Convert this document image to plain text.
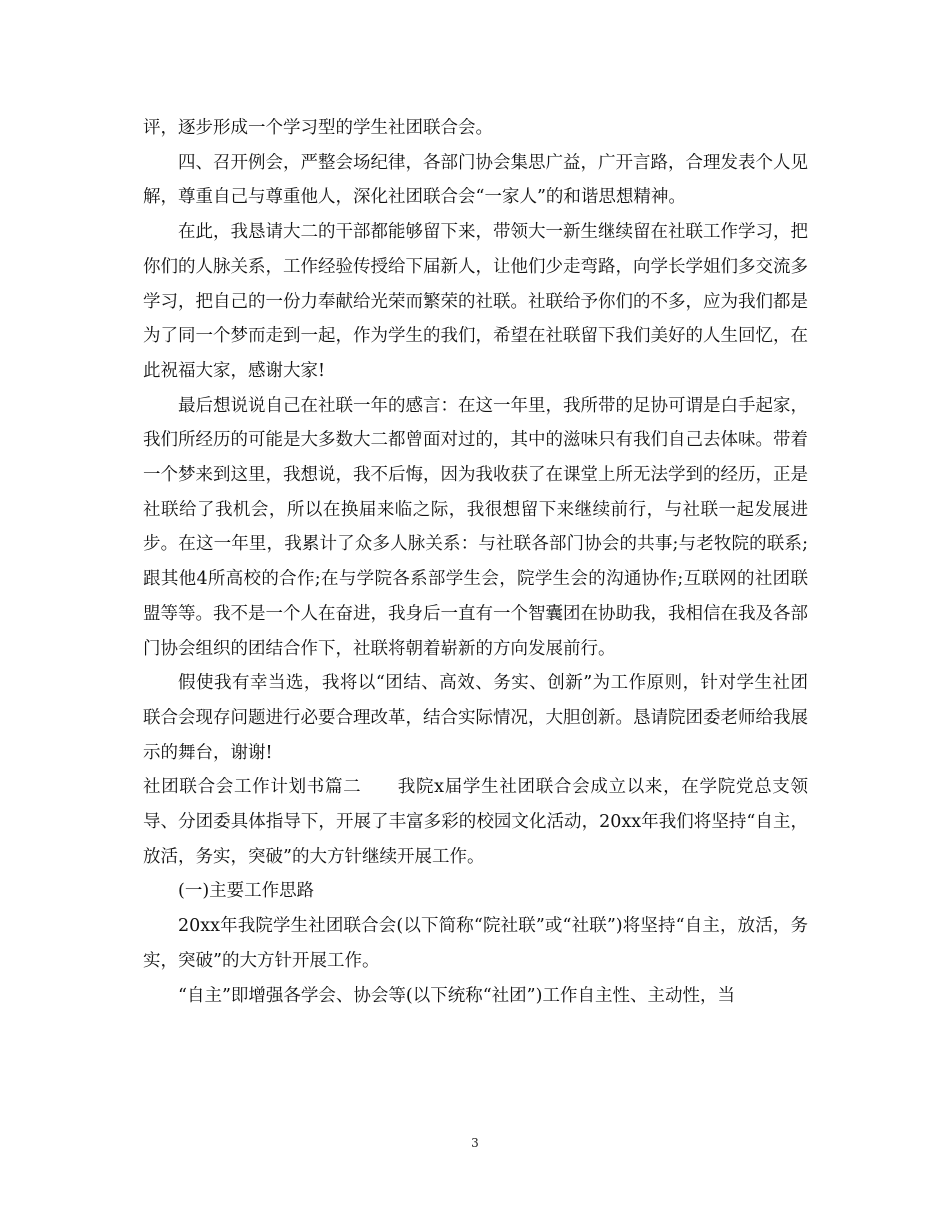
评，逐步形成一个学习型的学生社团联合会。

四、召开例会，严整会场纪律，各部门协会集思广益，广开言路，合理发表个人见解，尊重自己与尊重他人，深化社团联合会“一家人”的和谐思想精神。

在此，我恳请大二的干部都能够留下来，带领大一新生继续留在社联工作学习，把你们的人脉关系，工作经验传授给下届新人，让他们少走弯路，向学长学姐们多交流多学习，把自己的一份力奉献给光荣而繁荣的社联。社联给予你们的不多，应为我们都是为了同一个梦而走到一起，作为学生的我们，希望在社联留下我们美好的人生回忆，在此祝福大家，感谢大家!

最后想说说自己在社联一年的感言：在这一年里，我所带的足协可谓是白手起家，我们所经历的可能是大多数大二都曾面对过的，其中的滋味只有我们自己去体味。带着一个梦来到这里，我想说，我不后悔，因为我收获了在课堂上所无法学到的经历，正是社联给了我机会，所以在换届来临之际，我很想留下来继续前行，与社联一起发展进步。在这一年里，我累计了众多人脉关系：与社联各部门协会的共事;与老牧院的联系;跟其他4所高校的合作;在与学院各系部学生会，院学生会的沟通协作;互联网的社团联盟等等。我不是一个人在奋进，我身后一直有一个智囊团在协助我，我相信在我及各部门协会组织的团结合作下，社联将朝着崭新的方向发展前行。

假使我有幸当选，我将以“团结、高效、务实、创新”为工作原则，针对学生社团联合会现存问题进行必要合理改革，结合实际情况，大胆创新。恳请院团委老师给我展示的舞台，谢谢!

社团联合会工作计划书篇二　　我院x届学生社团联合会成立以来，在学院党总支领导、分团委具体指导下，开展了丰富多彩的校园文化活动，20xx年我们将坚持“自主，放活，务实，突破”的大方针继续开展工作。

(一)主要工作思路

20xx年我院学生社团联合会(以下简称“院社联”或“社联”)将坚持“自主，放活，务实，突破”的大方针开展工作。

“自主”即增强各学会、协会等(以下统称“社团”)工作自主性、主动性，当

3
